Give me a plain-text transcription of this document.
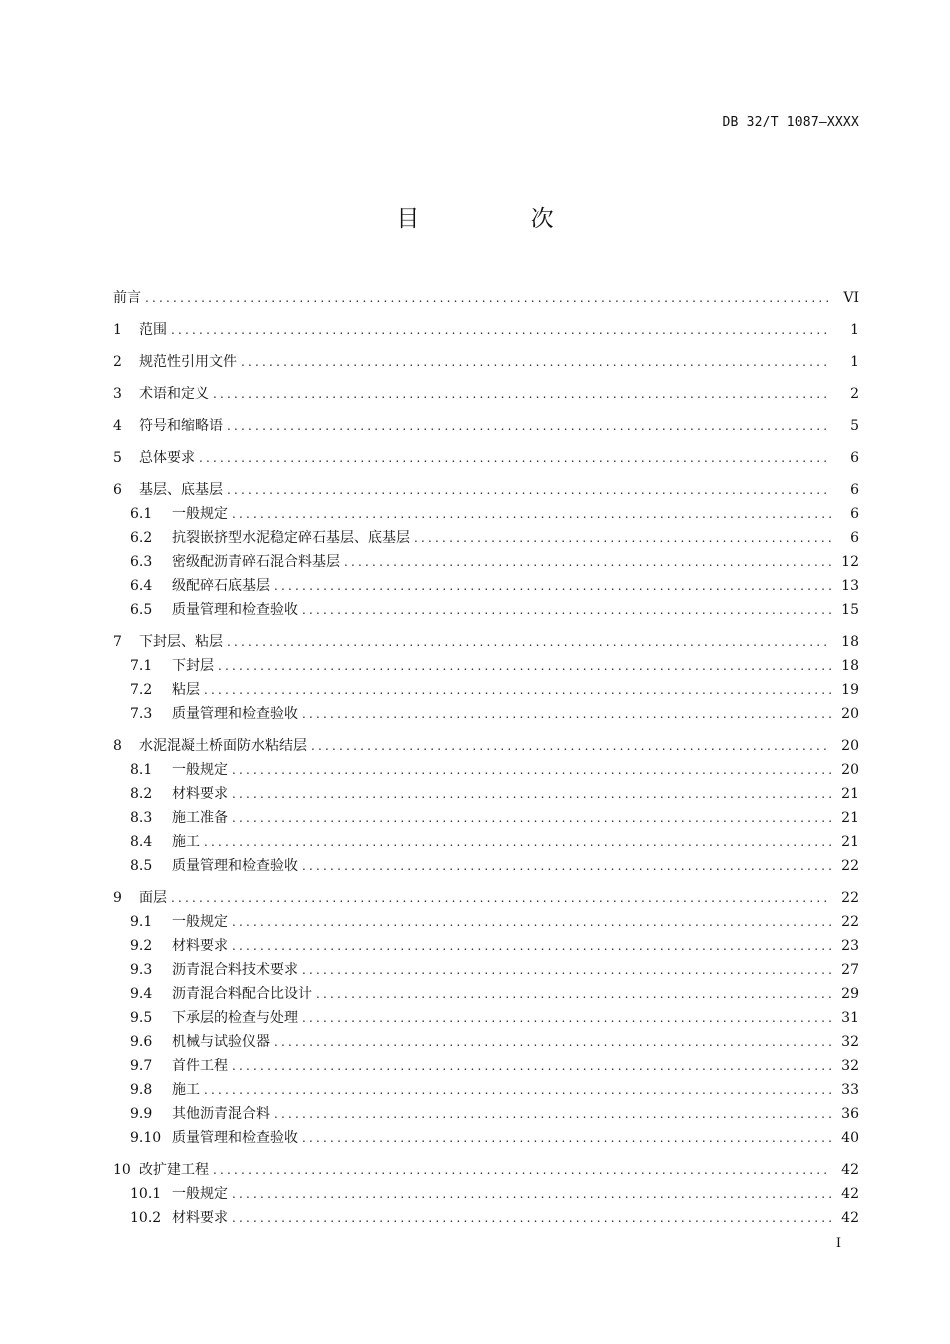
DB 32/T 1087—XXXX
目 次
前言 .....	VI
1	范围 .....	1
2	规范性引用文件 .....	1
3	术语和定义 .....	2
4	符号和缩略语 .....	5
5	总体要求 .....	6
6	基层、底基层 .....	6
6.1	一般规定 .....	6
6.2	抗裂嵌挤型水泥稳定碎石基层、底基层 .....	6
6.3	密级配沥青碎石混合料基层 .....	12
6.4	级配碎石底基层 .....	13
6.5	质量管理和检查验收 .....	15
7	下封层、粘层 .....	18
7.1	下封层 .....	18
7.2	粘层 .....	19
7.3	质量管理和检查验收 .....	20
8	水泥混凝土桥面防水粘结层 .....	20
8.1	一般规定 .....	20
8.2	材料要求 .....	21
8.3	施工准备 .....	21
8.4	施工 .....	21
8.5	质量管理和检查验收 .....	22
9	面层 .....	22
9.1	一般规定 .....	22
9.2	材料要求 .....	23
9.3	沥青混合料技术要求 .....	27
9.4	沥青混合料配合比设计 .....	29
9.5	下承层的检查与处理 .....	31
9.6	机械与试验仪器 .....	32
9.7	首件工程 .....	32
9.8	施工 .....	33
9.9	其他沥青混合料 .....	36
9.10 质量管理和检查验收 .....	40
10 改扩建工程 .....	42
10.1 一般规定 .....	42
10.2 材料要求 .....	42
I
